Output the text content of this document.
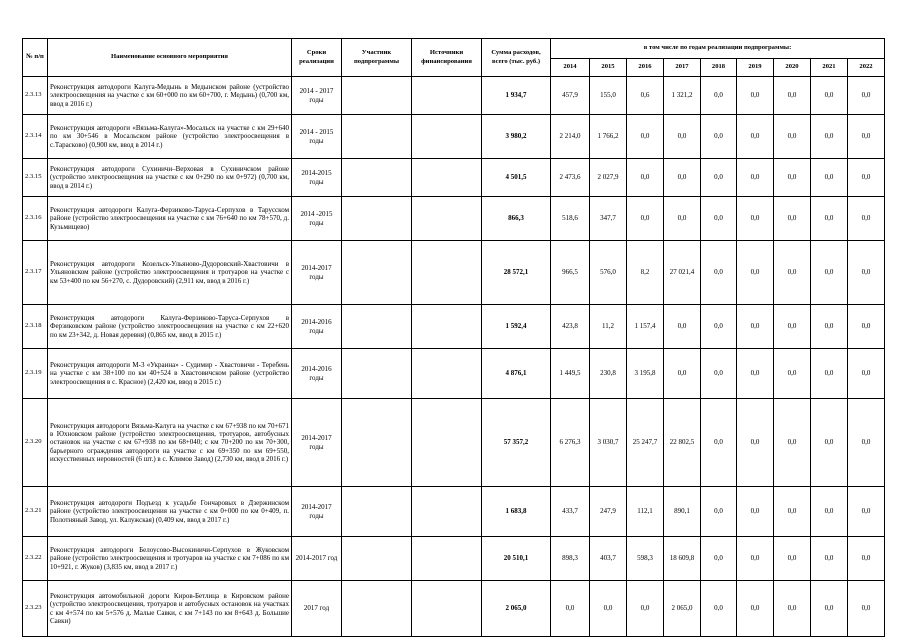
№ п/п	Наименование основного мероприятия	Сроки реализации	Участник подпрограммы	Источники финансирования	Сумма расходов, всего (тыс. руб.)	в том числе по годам реализации подпрограммы:								
						2014	2015	2016	2017	2018	2019	2020	2021	2022
2.3.13	Реконструкция автодороги Калуга-Медынь в Медынском районе (устройство электроосвещения на участке с км 60+000 по км 60+700, г. Медынь) (0,700 км, ввод в 2016 г.)	2014 - 2017 годы			1 934,7	457,9	155,0	0,6	1 321,2	0,0	0,0	0,0	0,0	0,0
2.3.14	Реконструкция автодороги «Вязьма-Калуга»-Мосальск на участке с км 29+640 по км 30+546 в Мосальском районе (устройство электроосвещения в с.Тарасково) (0,900 км, ввод в 2014 г.)	2014 - 2015 годы			3 980,2	2 214,0	1 766,2	0,0	0,0	0,0	0,0	0,0	0,0	0,0
2.3.15	Реконструкция автодороги Сухиничи–Верховая в Сухиничском районе (устройство электроосвещения на участке с км 0+290 по км 0+972) (0,700 км, ввод в 2014 г.)	2014-2015 годы			4 501,5	2 473,6	2 027,9	0,0	0,0	0,0	0,0	0,0	0,0	0,0
2.3.16	Реконструкция автодороги Калуга-Ферзиково-Таруса-Серпухов в Тарусском районе (устройство электроосвещения на участке с км 76+640 по км 78+570, д. Кузьмищево)	2014 -2015 годы			866,3	518,6	347,7	0,0	0,0	0,0	0,0	0,0	0,0	0,0
2.3.17	Реконструкция автодороги Козельск-Ульяново-Дудоровский-Хвастовичи в Ульяновском районе (устройство электроосвещения и тротуаров на участке с км 53+400 по км 56+270, с. Дудоровский) (2,911 км, ввод в 2016 г.)	2014-2017 годы			28 572,1	966,5	576,0	8,2	27 021,4	0,0	0,0	0,0	0,0	0,0
2.3.18	Реконструкция автодороги Калуга-Ферзиково-Таруса-Серпухов в Ферзиковском районе (устройство электроосвещения на участке с км 22+620 по км 23+342, д. Новая деревня) (0,865 км, ввод в 2015 г.)	2014-2016 годы			1 592,4	423,8	11,2	1 157,4	0,0	0,0	0,0	0,0	0,0	0,0
2.3.19	Реконструкция автодороги М-3 «Украина» - Судимир - Хвастовичи - Теребень на участке с км 38+100 по км 40+524 в Хвастовичском районе (устройство электроосвещения в с. Красное) (2,420 км, ввод в 2015 г.)	2014-2016 годы			4 876,1	1 449,5	230,8	3 195,8	0,0	0,0	0,0	0,0	0,0	0,0
2.3.20	Реконструкция автодороги Вязьма-Калуга на участке с км 67+938 по км 70+671 в Юхновском районе (устройство электроосвещения, тротуаров, автобусных остановок на участке с км 67+938 по км 68+040; с км 70+200 по км 70+300, барьерного ограждения автодороги на участке с км 69+350 по км 69+550, искусственных неровностей (6 шт.) в с. Климов Завод) (2,730 км, ввод в 2016 г.)	2014-2017 годы			57 357,2	6 276,3	3 030,7	25 247,7	22 802,5	0,0	0,0	0,0	0,0	0,0
2.3.21	Реконструкция автодороги Подъезд к усадьбе Гончаровых в Дзержинском районе (устройство электроосвещения на участке с км 0+000 по км 0+409, п. Полотняный Завод, ул. Калужская) (0,409 км, ввод в 2017 г.)	2014-2017 годы			1 683,8	433,7	247,9	112,1	890,1	0,0	0,0	0,0	0,0	0,0
2.3.22	Реконструкция автодороги Белоусово-Высокиничи-Серпухов в Жуковском районе (устройство электроосвещения и тротуаров на участке с км 7+086 по км 10+921, г. Жуков) (3,835 км, ввод в 2017 г.)	2014-2017 год			20 510,1	898,3	403,7	598,3	18 609,8	0,0	0,0	0,0	0,0	0,0
2.3.23	Реконструкция автомобильной дороги Киров-Бетлица в Кировском районе (устройство электроосвещения, тротуаров и автобусных остановок на участках с км 4+574 по км 5+576 д. Малые Савки, с км 7+143 по км 8+643 д. Большие Савки)	2017 год			2 065,0	0,0	0,0	0,0	2 065,0	0,0	0,0	0,0	0,0	0,0
